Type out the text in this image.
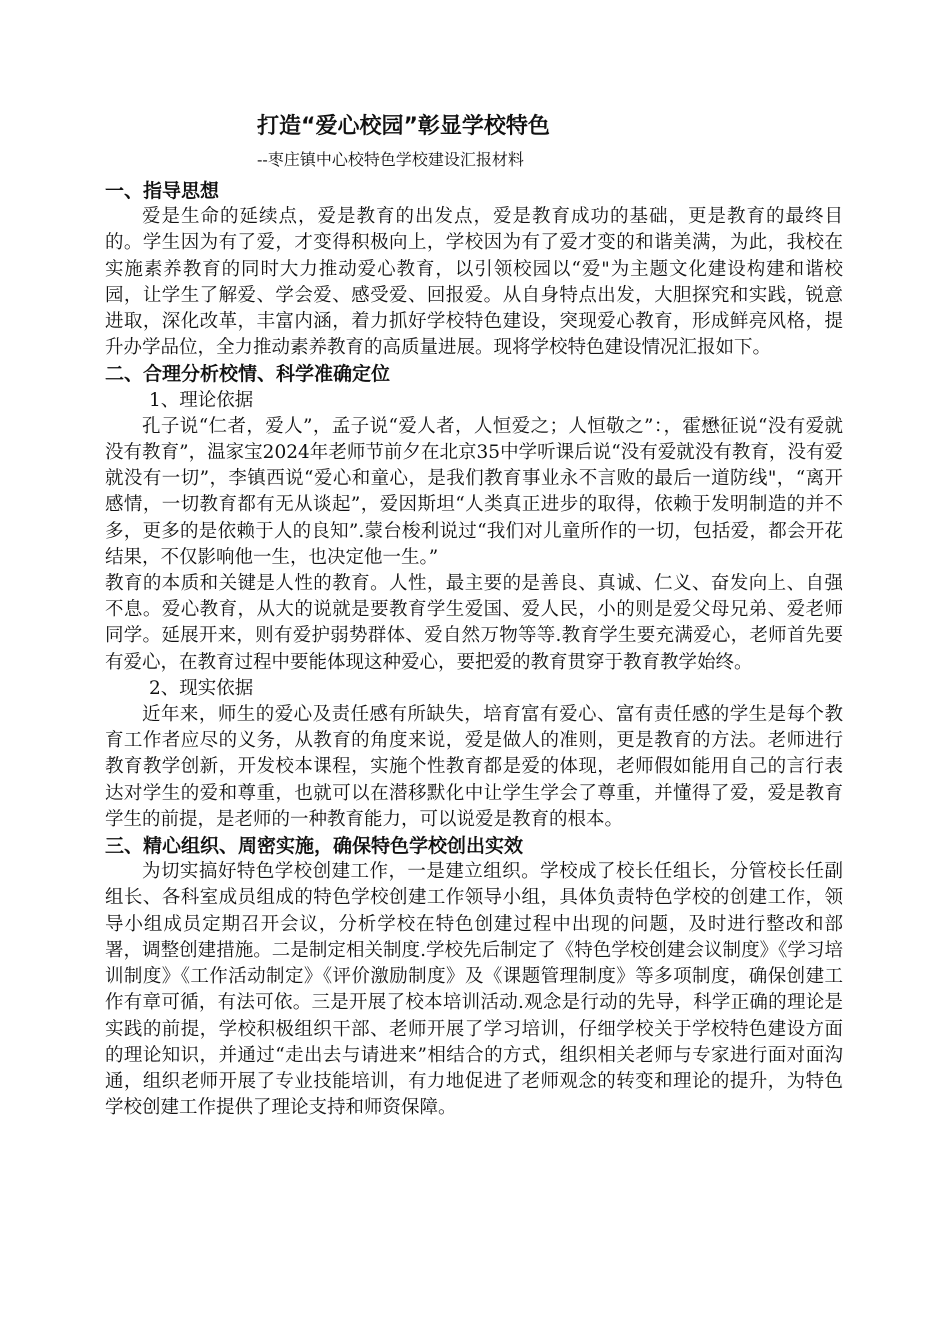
打造“爱心校园”彰显学校特色
--枣庄镇中心校特色学校建设汇报材料
一、指导思想

爱是生命的延续点，爱是教育的出发点，爱是教育成功的基础，更是教育的最终目的。学生因为有了爱，才变得积极向上，学校因为有了爱才变的和谐美满，为此，我校在实施素养教育的同时大力推动爱心教育，以引领校园以“爱"为主题文化建设构建和谐校园，让学生了解爱、学会爱、感受爱、回报爱。从自身特点出发，大胆探究和实践，锐意进取，深化改革，丰富内涵，着力抓好学校特色建设，突现爱心教育，形成鲜亮风格，提升办学品位，全力推动素养教育的高质量进展。现将学校特色建设情况汇报如下。

二、合理分析校情、科学准确定位
1、理论依据

孔子说“仁者，爱人”，孟子说“爱人者，人恒爱之；人恒敬之”：，霍懋征说“没有爱就没有教育”，温家宝2024年老师节前夕在北京35中学听课后说“没有爱就没有教育，没有爱就没有一切”，李镇西说“爱心和童心，是我们教育事业永不言败的最后一道防线"，“离开感情，一切教育都有无从谈起”，爱因斯坦“人类真正进步的取得，依赖于发明制造的并不多，更多的是依赖于人的良知”.蒙台梭利说过“我们对儿童所作的一切，包括爱，都会开花结果，不仅影响他一生，也决定他一生。”

教育的本质和关键是人性的教育。人性，最主要的是善良、真诚、仁义、奋发向上、自强不息。爱心教育，从大的说就是要教育学生爱国、爱人民，小的则是爱父母兄弟、爱老师同学。延展开来，则有爱护弱势群体、爱自然万物等等.教育学生要充满爱心，老师首先要有爱心，在教育过程中要能体现这种爱心，要把爱的教育贯穿于教育教学始终。

2、现实依据

近年来，师生的爱心及责任感有所缺失，培育富有爱心、富有责任感的学生是每个教育工作者应尽的义务，从教育的角度来说，爱是做人的准则，更是教育的方法。老师进行教育教学创新，开发校本课程，实施个性教育都是爱的体现，老师假如能用自己的言行表达对学生的爱和尊重，也就可以在潜移默化中让学生学会了尊重，并懂得了爱，爱是教育学生的前提，是老师的一种教育能力，可以说爱是教育的根本。

三、精心组织、周密实施，确保特色学校创出实效

为切实搞好特色学校创建工作，一是建立组织。学校成了校长任组长，分管校长任副组长、各科室成员组成的特色学校创建工作领导小组，具体负责特色学校的创建工作，领导小组成员定期召开会议，分析学校在特色创建过程中出现的问题，及时进行整改和部署，调整创建措施。二是制定相关制度.学校先后制定了《特色学校创建会议制度》《学习培训制度》《工作活动制定》《评价激励制度》及《课题管理制度》等多项制度，确保创建工作有章可循，有法可依。三是开展了校本培训活动.观念是行动的先导，科学正确的理论是实践的前提，学校积极组织干部、老师开展了学习培训，仔细学校关于学校特色建设方面的理论知识，并通过“走出去与请进来”相结合的方式，组织相关老师与专家进行面对面沟通，组织老师开展了专业技能培训，有力地促进了老师观念的转变和理论的提升，为特色学校创建工作提供了理论支持和师资保障。
